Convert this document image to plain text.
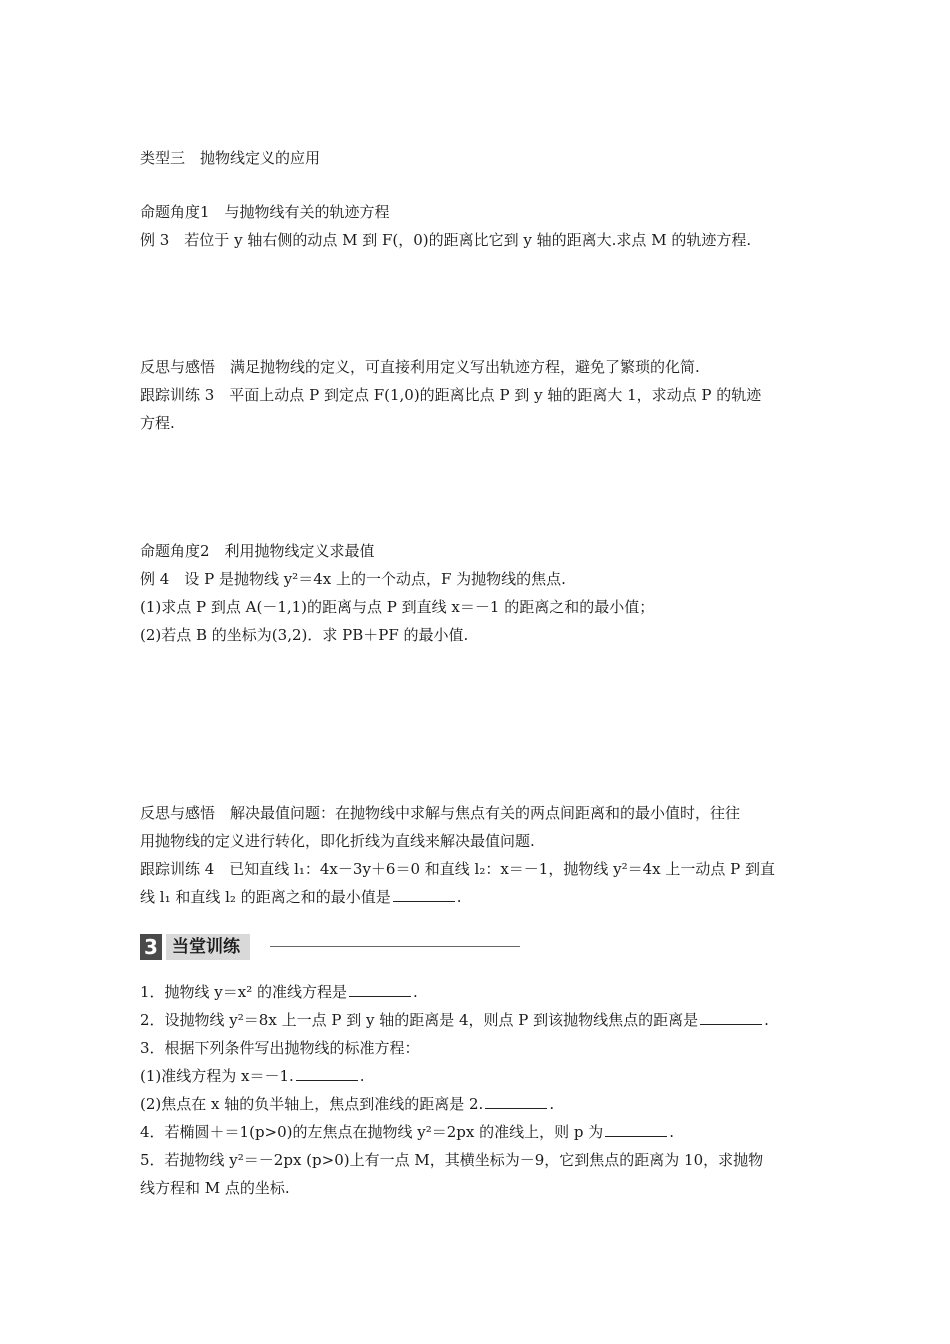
类型三　抛物线定义的应用
命题角度1　与抛物线有关的轨迹方程
例 3　若位于 y 轴右侧的动点 M 到 F(，0)的距离比它到 y 轴的距离大.求点 M 的轨迹方程.
反思与感悟　满足抛物线的定义，可直接利用定义写出轨迹方程，避免了繁琐的化简.
跟踪训练 3　平面上动点 P 到定点 F(1,0)的距离比点 P 到 y 轴的距离大 1，求动点 P 的轨迹
方程.
命题角度2　利用抛物线定义求最值
例 4　设 P 是抛物线 y²＝4x 上的一个动点，F 为抛物线的焦点.
(1)求点 P 到点 A(－1,1)的距离与点 P 到直线 x＝－1 的距离之和的最小值；
(2)若点 B 的坐标为(3,2)．求 PB＋PF 的最小值.
反思与感悟　解决最值问题：在抛物线中求解与焦点有关的两点间距离和的最小值时，往往
用抛物线的定义进行转化，即化折线为直线来解决最值问题.
跟踪训练 4　已知直线 l₁：4x－3y＋6＝0 和直线 l₂：x＝－1，抛物线 y²＝4x 上一动点 P 到直
线 l₁ 和直线 l₂ 的距离之和的最小值是	.
3 当堂训练
1．抛物线 y＝x² 的准线方程是	.
2．设抛物线 y²＝8x 上一点 P 到 y 轴的距离是 4，则点 P 到该抛物线焦点的距离是	.
3．根据下列条件写出抛物线的标准方程：
(1)准线方程为 x＝－1.	.
(2)焦点在 x 轴的负半轴上，焦点到准线的距离是 2.	.
4．若椭圆＋＝1(p>0)的左焦点在抛物线 y²＝2px 的准线上，则 p 为	.
5．若抛物线 y²＝－2px (p>0)上有一点 M，其横坐标为－9，它到焦点的距离为 10，求抛物
线方程和 M 点的坐标.
